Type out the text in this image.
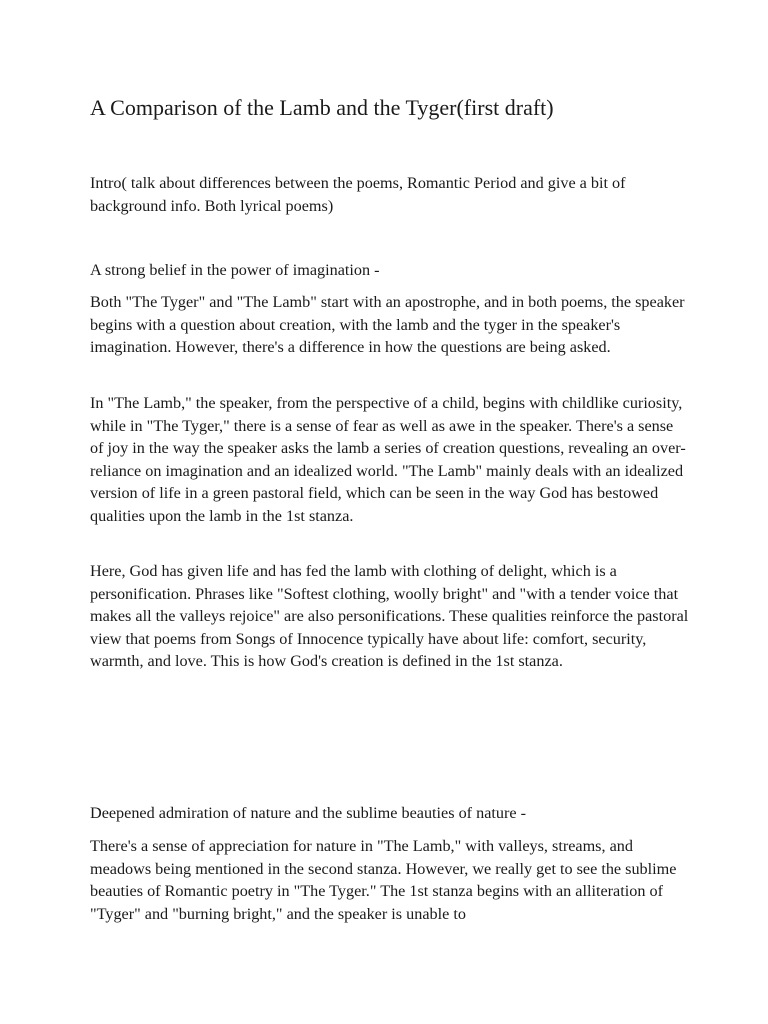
A Comparison of the Lamb and the Tyger(first draft)

Intro( talk about differences between the poems, Romantic Period and give a bit of background info. Both lyrical poems)

A strong belief in the power of imagination -

Both "The Tyger" and "The Lamb" start with an apostrophe, and in both poems, the speaker begins with a question about creation, with the lamb and the tyger in the speaker's imagination. However, there's a difference in how the questions are being asked.

In "The Lamb," the speaker, from the perspective of a child, begins with childlike curiosity, while in "The Tyger," there is a sense of fear as well as awe in the speaker. There's a sense of joy in the way the speaker asks the lamb a series of creation questions, revealing an over-reliance on imagination and an idealized world. "The Lamb" mainly deals with an idealized version of life in a green pastoral field, which can be seen in the way God has bestowed qualities upon the lamb in the 1st stanza.

Here, God has given life and has fed the lamb with clothing of delight, which is a personification. Phrases like "Softest clothing, woolly bright" and "with a tender voice that makes all the valleys rejoice" are also personifications. These qualities reinforce the pastoral view that poems from Songs of Innocence typically have about life: comfort, security, warmth, and love. This is how God's creation is defined in the 1st stanza.

Deepened admiration of nature and the sublime beauties of nature -

There's a sense of appreciation for nature in "The Lamb," with valleys, streams, and meadows being mentioned in the second stanza. However, we really get to see the sublime beauties of Romantic poetry in "The Tyger." The 1st stanza begins with an alliteration of "Tyger" and "burning bright," and the speaker is unable to
